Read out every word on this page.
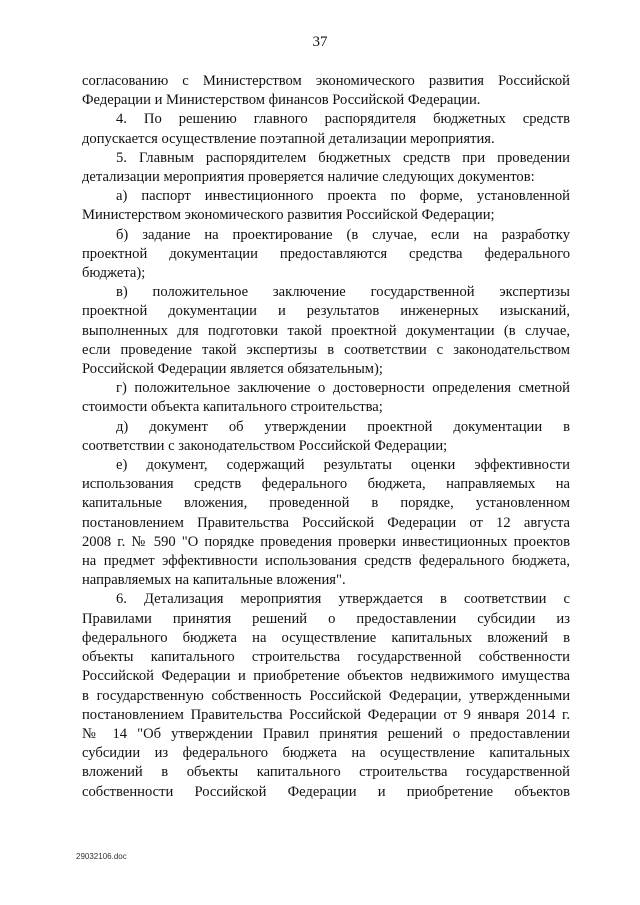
37
согласованию с Министерством экономического развития Российской
Федерации и Министерством финансов Российской Федерации.
4. По решению главного распорядителя бюджетных средств
допускается осуществление поэтапной детализации мероприятия.
5. Главным распорядителем бюджетных средств при проведении
детализации мероприятия проверяется наличие следующих документов:
а) паспорт инвестиционного проекта по форме, установленной
Министерством экономического развития Российской Федерации;
б) задание на проектирование (в случае, если на разработку
проектной документации предоставляются средства федерального
бюджета);
в) положительное заключение государственной экспертизы
проектной документации и результатов инженерных изысканий,
выполненных для подготовки такой проектной документации (в случае,
если проведение такой экспертизы в соответствии с законодательством
Российской Федерации является обязательным);
г) положительное заключение о достоверности определения сметной
стоимости объекта капитального строительства;
д) документ об утверждении проектной документации в
соответствии с законодательством Российской Федерации;
е) документ, содержащий результаты оценки эффективности
использования средств федерального бюджета, направляемых на
капитальные вложения, проведенной в порядке, установленном
постановлением Правительства Российской Федерации от 12 августа
2008 г. № 590 "О порядке проведения проверки инвестиционных проектов
на предмет эффективности использования средств федерального бюджета,
направляемых на капитальные вложения".
6. Детализация мероприятия утверждается в соответствии с
Правилами принятия решений о предоставлении субсидии из
федерального бюджета на осуществление капитальных вложений в
объекты капитального строительства государственной собственности
Российской Федерации и приобретение объектов недвижимого имущества
в государственную собственность Российской Федерации, утвержденными
постановлением Правительства Российской Федерации от 9 января 2014 г.
№ 14 "Об утверждении Правил принятия решений о предоставлении
субсидии из федерального бюджета на осуществление капитальных
вложений в объекты капитального строительства государственной
собственности Российской Федерации и приобретение объектов
29032106.doc
